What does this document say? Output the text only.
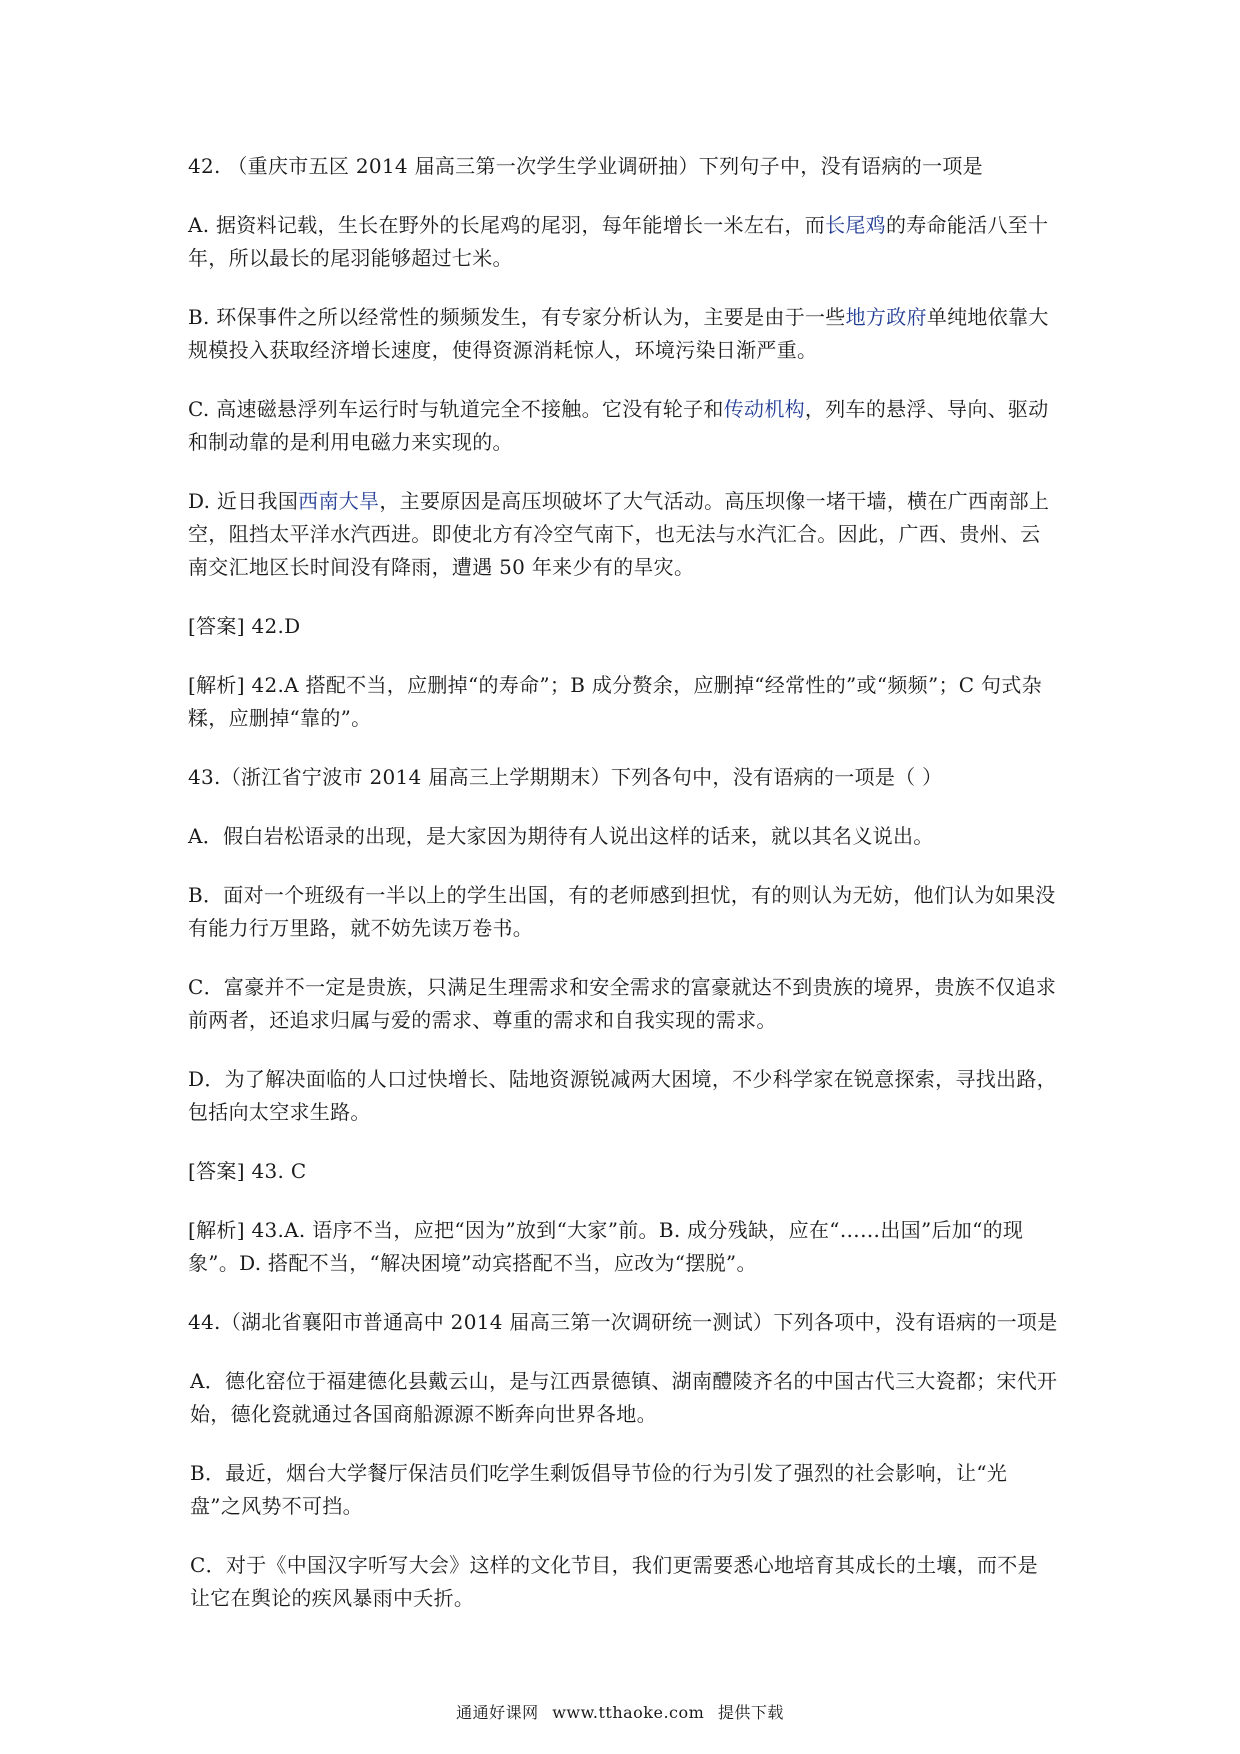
42. （重庆市五区 2014 届高三第一次学生学业调研抽）下列句子中，没有语病的一项是

A. 据资料记载，生长在野外的长尾鸡的尾羽，每年能增长一米左右，而长尾鸡的寿命能活八至十年，所以最长的尾羽能够超过七米。

B. 环保事件之所以经常性的频频发生，有专家分析认为，主要是由于一些地方政府单纯地依靠大规模投入获取经济增长速度，使得资源消耗惊人，环境污染日渐严重。

C. 高速磁悬浮列车运行时与轨道完全不接触。它没有轮子和传动机构，列车的悬浮、导向、驱动和制动靠的是利用电磁力来实现的。

D. 近日我国西南大旱，主要原因是高压坝破坏了大气活动。高压坝像一堵干墙，横在广西南部上空，阻挡太平洋水汽西进。即使北方有冷空气南下，也无法与水汽汇合。因此，广西、贵州、云南交汇地区长时间没有降雨，遭遇 50 年来少有的旱灾。

[答案] 42.D

[解析] 42.A 搭配不当，应删掉“的寿命”；B 成分赘余，应删掉“经常性的”或“频频”；C 句式杂糅，应删掉“靠的”。

43.（浙江省宁波市 2014 届高三上学期期末）下列各句中，没有语病的一项是（ ）

A．假白岩松语录的出现，是大家因为期待有人说出这样的话来，就以其名义说出。

B．面对一个班级有一半以上的学生出国，有的老师感到担忧，有的则认为无妨，他们认为如果没有能力行万里路，就不妨先读万卷书。

C．富豪并不一定是贵族，只满足生理需求和安全需求的富豪就达不到贵族的境界，贵族不仅追求前两者，还追求归属与爱的需求、尊重的需求和自我实现的需求。

D．为了解决面临的人口过快增长、陆地资源锐减两大困境，不少科学家在锐意探索，寻找出路，包括向太空求生路。

[答案] 43. C

[解析] 43.A. 语序不当，应把“因为”放到“大家”前。B. 成分残缺，应在“……出国”后加“的现象”。D. 搭配不当，“解决困境”动宾搭配不当，应改为“摆脱”。

44.（湖北省襄阳市普通高中 2014 届高三第一次调研统一测试）下列各项中，没有语病的一项是

A．德化窑位于福建德化县戴云山，是与江西景德镇、湖南醴陵齐名的中国古代三大瓷都；宋代开始，德化瓷就通过各国商船源源不断奔向世界各地。

B．最近，烟台大学餐厅保洁员们吃学生剩饭倡导节俭的行为引发了强烈的社会影响，让“光盘”之风势不可挡。

C．对于《中国汉字听写大会》这样的文化节目，我们更需要悉心地培育其成长的土壤，而不是让它在舆论的疾风暴雨中夭折。

通通好课网 www.tthaoke.com 提供下载
